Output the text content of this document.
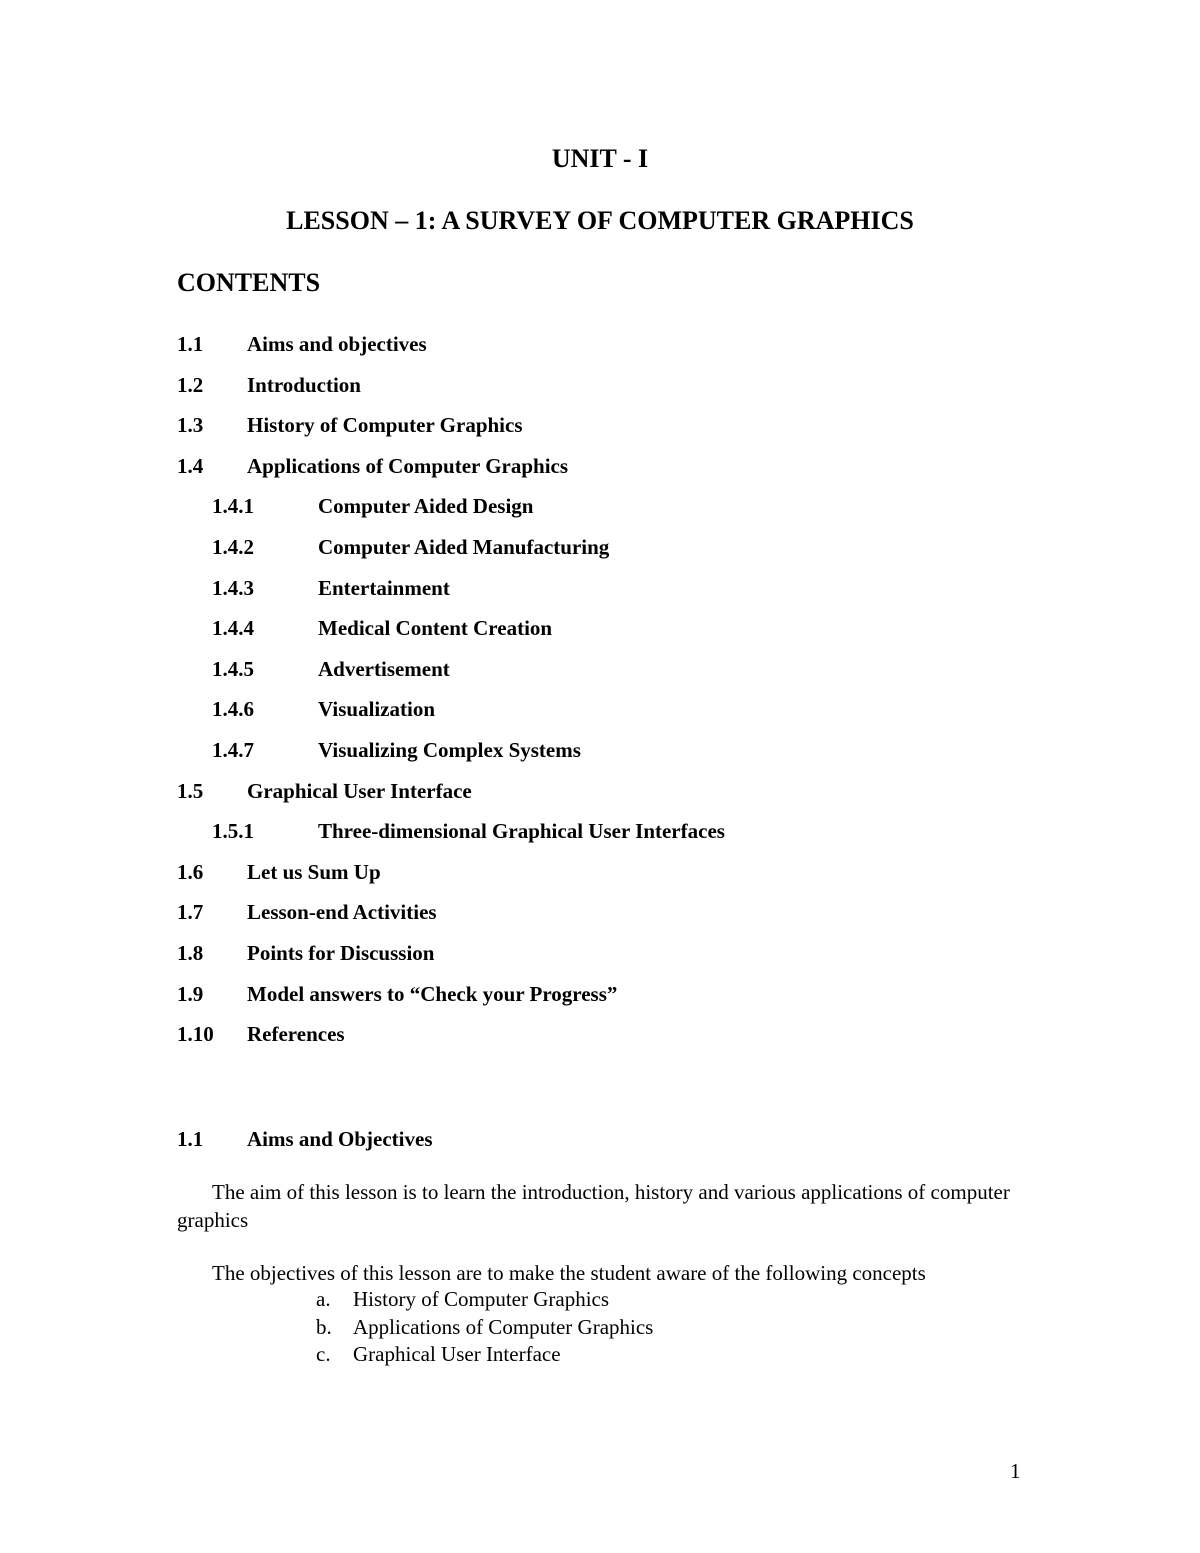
UNIT - I
LESSON – 1: A SURVEY OF COMPUTER GRAPHICS
CONTENTS
1.1 Aims and objectives
1.2 Introduction
1.3 History of Computer Graphics
1.4 Applications of Computer Graphics
1.4.1	Computer Aided Design
1.4.2	Computer Aided Manufacturing
1.4.3	Entertainment
1.4.4	Medical Content Creation
1.4.5	Advertisement
1.4.6	Visualization
1.4.7	Visualizing Complex Systems
1.5 Graphical User Interface
1.5.1	Three-dimensional Graphical User Interfaces
1.6 Let us Sum Up
1.7 Lesson-end Activities
1.8 Points for Discussion
1.9 Model answers to “Check your Progress”
1.10 References
1.1 Aims and Objectives
The aim of this lesson is to learn the introduction, history and various applications of computer graphics
The objectives of this lesson are to make the student aware of the following concepts
a. History of Computer Graphics
b. Applications of Computer Graphics
c. Graphical User Interface
1
